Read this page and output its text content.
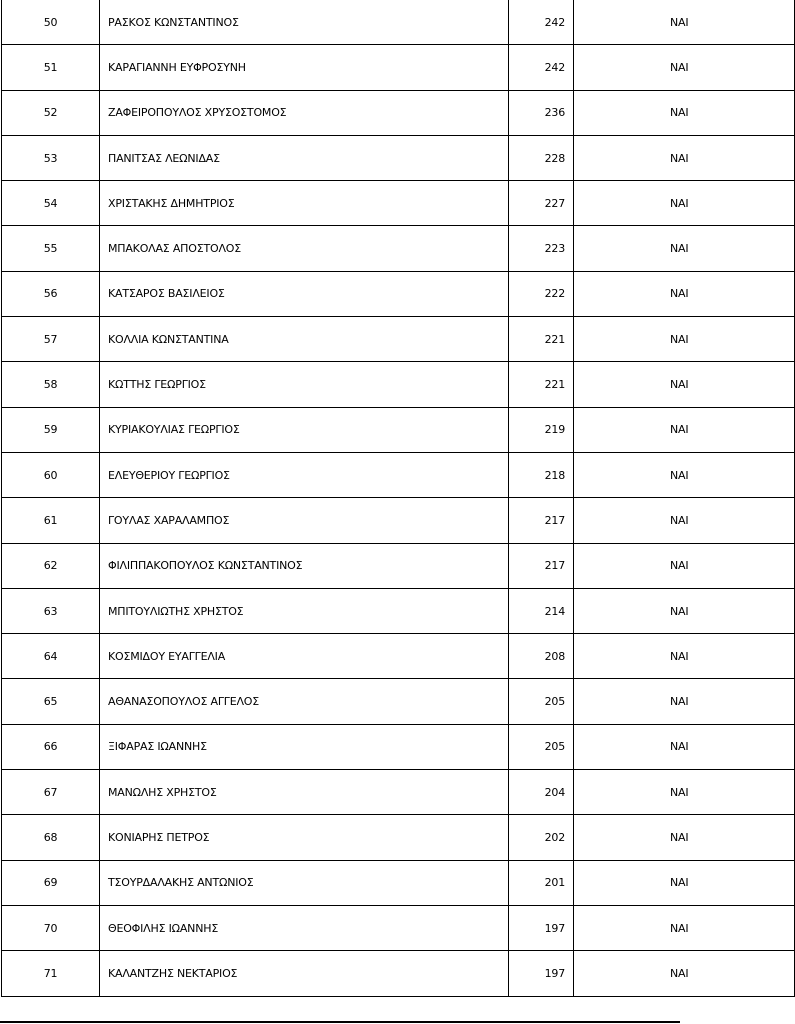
50	ΡΑΣΚΟΣ ΚΩΝΣΤΑΝΤΙΝΟΣ	242	ΝΑΙ
51	ΚΑΡΑΓΙΑΝΝΗ ΕΥΦΡΟΣΥΝΗ	242	ΝΑΙ
52	ΖΑΦΕΙΡΟΠΟΥΛΟΣ ΧΡΥΣΟΣΤΟΜΟΣ	236	ΝΑΙ
53	ΠΑΝΙΤΣΑΣ ΛΕΩΝΙΔΑΣ	228	ΝΑΙ
54	ΧΡΙΣΤΑΚΗΣ ΔΗΜΗΤΡΙΟΣ	227	ΝΑΙ
55	ΜΠΑΚΟΛΑΣ ΑΠΟΣΤΟΛΟΣ	223	ΝΑΙ
56	ΚΑΤΣΑΡΟΣ ΒΑΣΙΛΕΙΟΣ	222	ΝΑΙ
57	ΚΟΛΛΙΑ ΚΩΝΣΤΑΝΤΙΝΑ	221	ΝΑΙ
58	ΚΩΤΤΗΣ ΓΕΩΡΓΙΟΣ	221	ΝΑΙ
59	ΚΥΡΙΑΚΟΥΛΙΑΣ ΓΕΩΡΓΙΟΣ	219	ΝΑΙ
60	ΕΛΕΥΘΕΡΙΟΥ ΓΕΩΡΓΙΟΣ	218	ΝΑΙ
61	ΓΟΥΛΑΣ ΧΑΡΑΛΑΜΠΟΣ	217	ΝΑΙ
62	ΦΙΛΙΠΠΑΚΟΠΟΥΛΟΣ ΚΩΝΣΤΑΝΤΙΝΟΣ	217	ΝΑΙ
63	ΜΠΙΤΟΥΛΙΩΤΗΣ ΧΡΗΣΤΟΣ	214	ΝΑΙ
64	ΚΟΣΜΙΔΟΥ ΕΥΑΓΓΕΛΙΑ	208	ΝΑΙ
65	ΑΘΑΝΑΣΟΠΟΥΛΟΣ ΑΓΓΕΛΟΣ	205	ΝΑΙ
66	ΞΙΦΑΡΑΣ ΙΩΑΝΝΗΣ	205	ΝΑΙ
67	ΜΑΝΩΛΗΣ ΧΡΗΣΤΟΣ	204	ΝΑΙ
68	ΚΟΝΙΑΡΗΣ ΠΕΤΡΟΣ	202	ΝΑΙ
69	ΤΣΟΥΡΔΑΛΑΚΗΣ ΑΝΤΩΝΙΟΣ	201	ΝΑΙ
70	ΘΕΟΦΙΛΗΣ ΙΩΑΝΝΗΣ	197	ΝΑΙ
71	ΚΑΛΑΝΤΖΗΣ ΝΕΚΤΑΡΙΟΣ	197	ΝΑΙ
